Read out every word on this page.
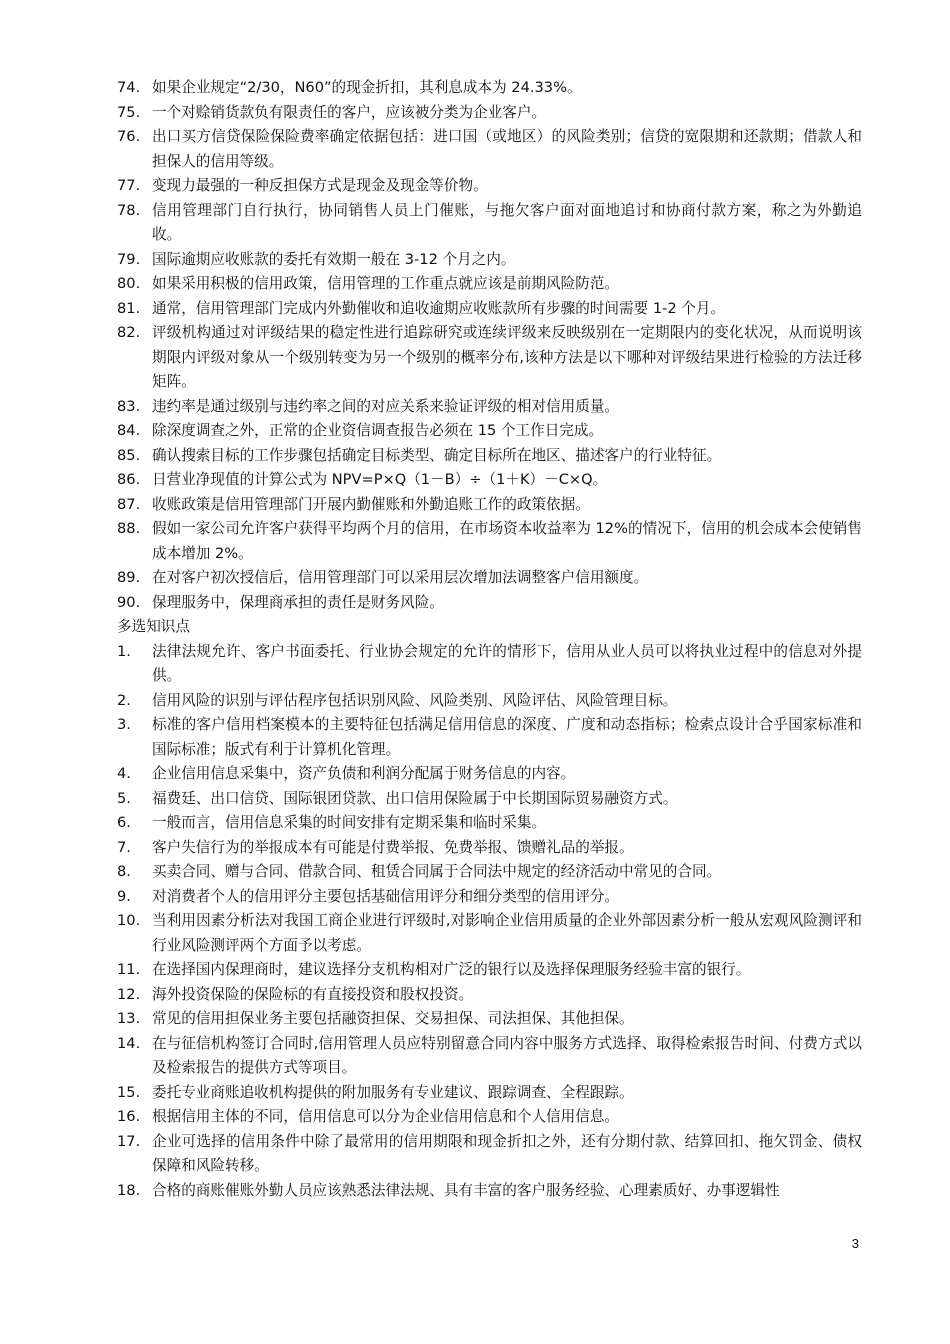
74. 如果企业规定“2/30，N60”的现金折扣，其利息成本为 24.33%。
75. 一个对赊销货款负有限责任的客户，应该被分类为企业客户。
76. 出口买方信贷保险保险费率确定依据包括：进口国（或地区）的风险类别；信贷的宽限期和还款期；借款人和担保人的信用等级。
77. 变现力最强的一种反担保方式是现金及现金等价物。
78. 信用管理部门自行执行，协同销售人员上门催账，与拖欠客户面对面地追讨和协商付款方案，称之为外勤追收。
79. 国际逾期应收账款的委托有效期一般在 3-12 个月之内。
80. 如果采用积极的信用政策，信用管理的工作重点就应该是前期风险防范。
81. 通常，信用管理部门完成内外勤催收和追收逾期应收账款所有步骤的时间需要 1-2 个月。
82. 评级机构通过对评级结果的稳定性进行追踪研究或连续评级来反映级别在一定期限内的变化状况，从而说明该期限内评级对象从一个级别转变为另一个级别的概率分布,该种方法是以下哪种对评级结果进行检验的方法迁移矩阵。
83. 违约率是通过级别与违约率之间的对应关系来验证评级的相对信用质量。
84. 除深度调查之外，正常的企业资信调查报告必须在 15 个工作日完成。
85. 确认搜索目标的工作步骤包括确定目标类型、确定目标所在地区、描述客户的行业特征。
86. 日营业净现值的计算公式为 NPV=P×Q（1－B）÷（1＋K）－C×Q。
87. 收账政策是信用管理部门开展内勤催账和外勤追账工作的政策依据。
88. 假如一家公司允许客户获得平均两个月的信用，在市场资本收益率为 12%的情况下，信用的机会成本会使销售成本增加 2%。
89. 在对客户初次授信后，信用管理部门可以采用层次增加法调整客户信用额度。
90. 保理服务中，保理商承担的责任是财务风险。
多选知识点
1.	法律法规允许、客户书面委托、行业协会规定的允许的情形下，信用从业人员可以将执业过程中的信息对外提供。
2.	信用风险的识别与评估程序包括识别风险、风险类别、风险评估、风险管理目标。
3.	标准的客户信用档案模本的主要特征包括满足信用信息的深度、广度和动态指标；检索点设计合乎国家标准和国际标准；版式有利于计算机化管理。
4.	企业信用信息采集中，资产负债和利润分配属于财务信息的内容。
5.	福费廷、出口信贷、国际银团贷款、出口信用保险属于中长期国际贸易融资方式。
6.	一般而言，信用信息采集的时间安排有定期采集和临时采集。
7.	客户失信行为的举报成本有可能是付费举报、免费举报、馈赠礼品的举报。
8.	买卖合同、赠与合同、借款合同、租赁合同属于合同法中规定的经济活动中常见的合同。
9.	对消费者个人的信用评分主要包括基础信用评分和细分类型的信用评分。
10. 当利用因素分析法对我国工商企业进行评级时,对影响企业信用质量的企业外部因素分析一般从宏观风险测评和行业风险测评两个方面予以考虑。
11. 在选择国内保理商时，建议选择分支机构相对广泛的银行以及选择保理服务经验丰富的银行。
12. 海外投资保险的保险标的有直接投资和股权投资。
13. 常见的信用担保业务主要包括融资担保、交易担保、司法担保、其他担保。
14. 在与征信机构签订合同时,信用管理人员应特别留意合同内容中服务方式选择、取得检索报告时间、付费方式以及检索报告的提供方式等项目。
15. 委托专业商账追收机构提供的附加服务有专业建议、跟踪调查、全程跟踪。
16. 根据信用主体的不同，信用信息可以分为企业信用信息和个人信用信息。
17. 企业可选择的信用条件中除了最常用的信用期限和现金折扣之外，还有分期付款、结算回扣、拖欠罚金、债权保障和风险转移。
18. 合格的商账催账外勤人员应该熟悉法律法规、具有丰富的客户服务经验、心理素质好、办事逻辑性
3
